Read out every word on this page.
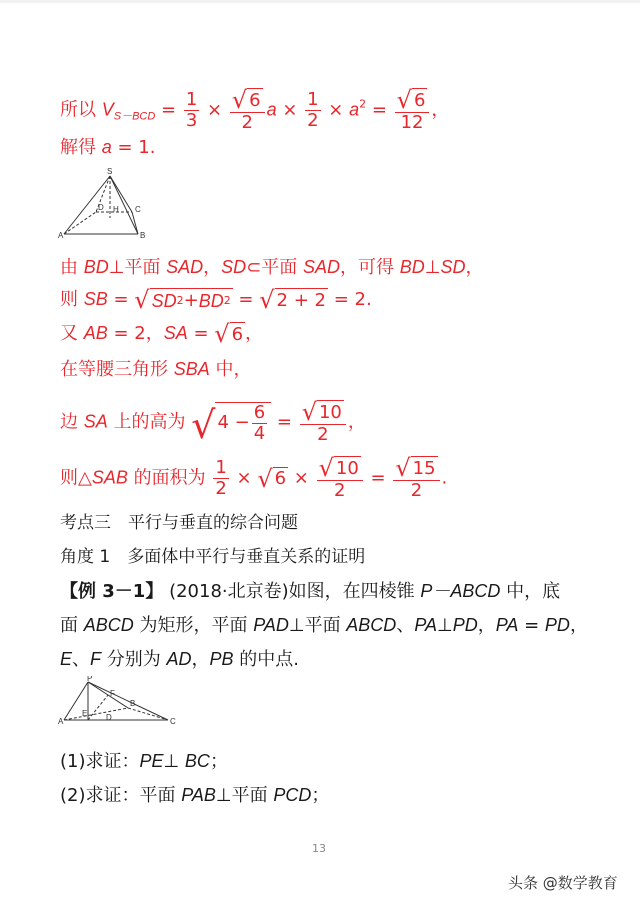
所以 $V_{S-BCD} = \frac{1}{3} \times \frac{√ 6}{2}$ $a \times \frac{1}{2} \times a^2 = \frac{√ 6}{12}$ ，
解得 a = 1.
S
A	B
C
D H
由 BD⊥平面 SAD，SD⊂平面 SAD，可得 BD⊥SD，
则 SB = √ SD 2 + BD 2 = √ 2 + 2 = 2.
又 AB = 2，SA = √ 6 ，
在等腰三角形 SBA 中，
边 SA 上的高为 √ $4 - \frac{6}{4} = \frac{√ 10}{2}$ ，
则△SAB 的面积为 $\frac{1}{2}$ × √ $6 \times \frac{√ 10}{2} = \frac{√ 15}{2}$ .
考点三　平行与垂直的综合问题
角度 1　多面体中平行与垂直关系的证明
【例 3－1】 (2018·北京卷)如图，在四棱锥 P－ABCD 中，底
面 ABCD 为矩形，平面 PAD⊥平面 ABCD、PA⊥PD，PA = PD，
E、F 分别为 AD，PB 的中点.
P
A
B
C
D
E
F
(1)求证：PE⊥ BC；
(2)求证：平面 PAB⊥平面 PCD；
13
头条 @数学教育
